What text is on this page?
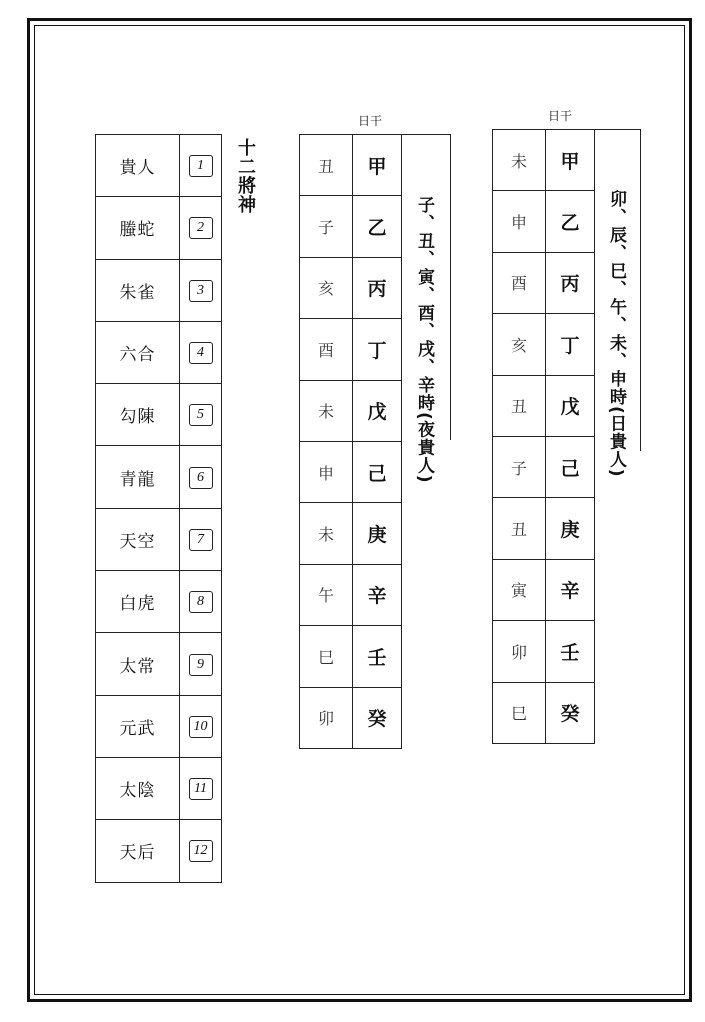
貴人	1
螣蛇	2
朱雀	3
六合	4
勾陳	5
青龍	6
天空	7
白虎	8
太常	9
元武	10
太陰	11
天后	12
十二將神
日干
丑	甲
子	乙
亥	丙
酉	丁
未	戊
申	己
未	庚
午	辛
巳	壬
卯	癸
子、丑、寅、酉、戌、辛時(夜貴人)
日干
未	甲
申	乙
酉	丙
亥	丁
丑	戊
子	己
丑	庚
寅	辛
卯	壬
巳	癸
卯、辰、巳、午、未、申時(日貴人)
